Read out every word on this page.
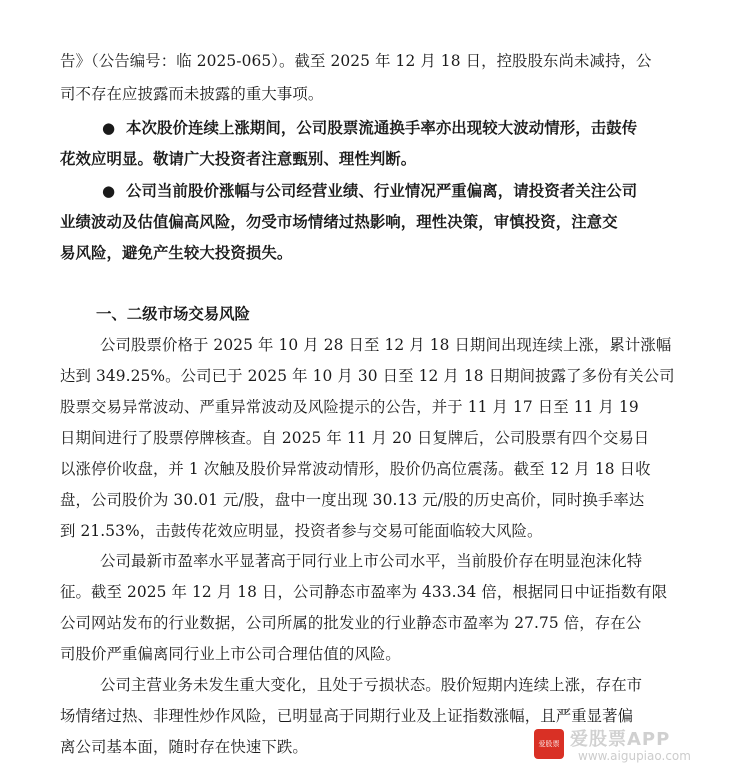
告》（公告编号：临 2025-065）。截至 2025 年 12 月 18 日，控股股东尚未减持，公
司不存在应披露而未披露的重大事项。
● 本次股价连续上涨期间，公司股票流通换手率亦出现较大波动情形，击鼓传
花效应明显。敬请广大投资者注意甄别、理性判断。
● 公司当前股价涨幅与公司经营业绩、行业情况严重偏离，请投资者关注公司
业绩波动及估值偏高风险，勿受市场情绪过热影响，理性决策，审慎投资，注意交
易风险，避免产生较大投资损失。
一、二级市场交易风险
公司股票价格于 2025 年 10 月 28 日至 12 月 18 日期间出现连续上涨，累计涨幅
达到 349.25%。公司已于 2025 年 10 月 30 日至 12 月 18 日期间披露了多份有关公司
股票交易异常波动、严重异常波动及风险提示的公告，并于 11 月 17 日至 11 月 19
日期间进行了股票停牌核查。自 2025 年 11 月 20 日复牌后，公司股票有四个交易日
以涨停价收盘，并 1 次触及股价异常波动情形，股价仍高位震荡。截至 12 月 18 日收
盘，公司股价为 30.01 元/股，盘中一度出现 30.13 元/股的历史高价，同时换手率达
到 21.53%，击鼓传花效应明显，投资者参与交易可能面临较大风险。
公司最新市盈率水平显著高于同行业上市公司水平，当前股价存在明显泡沫化特
征。截至 2025 年 12 月 18 日，公司静态市盈率为 433.34 倍，根据同日中证指数有限
公司网站发布的行业数据，公司所属的批发业的行业静态市盈率为 27.75 倍，存在公
司股价严重偏离同行业上市公司合理估值的风险。
公司主营业务未发生重大变化，且处于亏损状态。股价短期内连续上涨，存在市
场情绪过热、非理性炒作风险，已明显高于同期行业及上证指数涨幅，且严重显著偏
离公司基本面，随时存在快速下跌。	爱股票 爱股票APP
www.aigupiao.com
